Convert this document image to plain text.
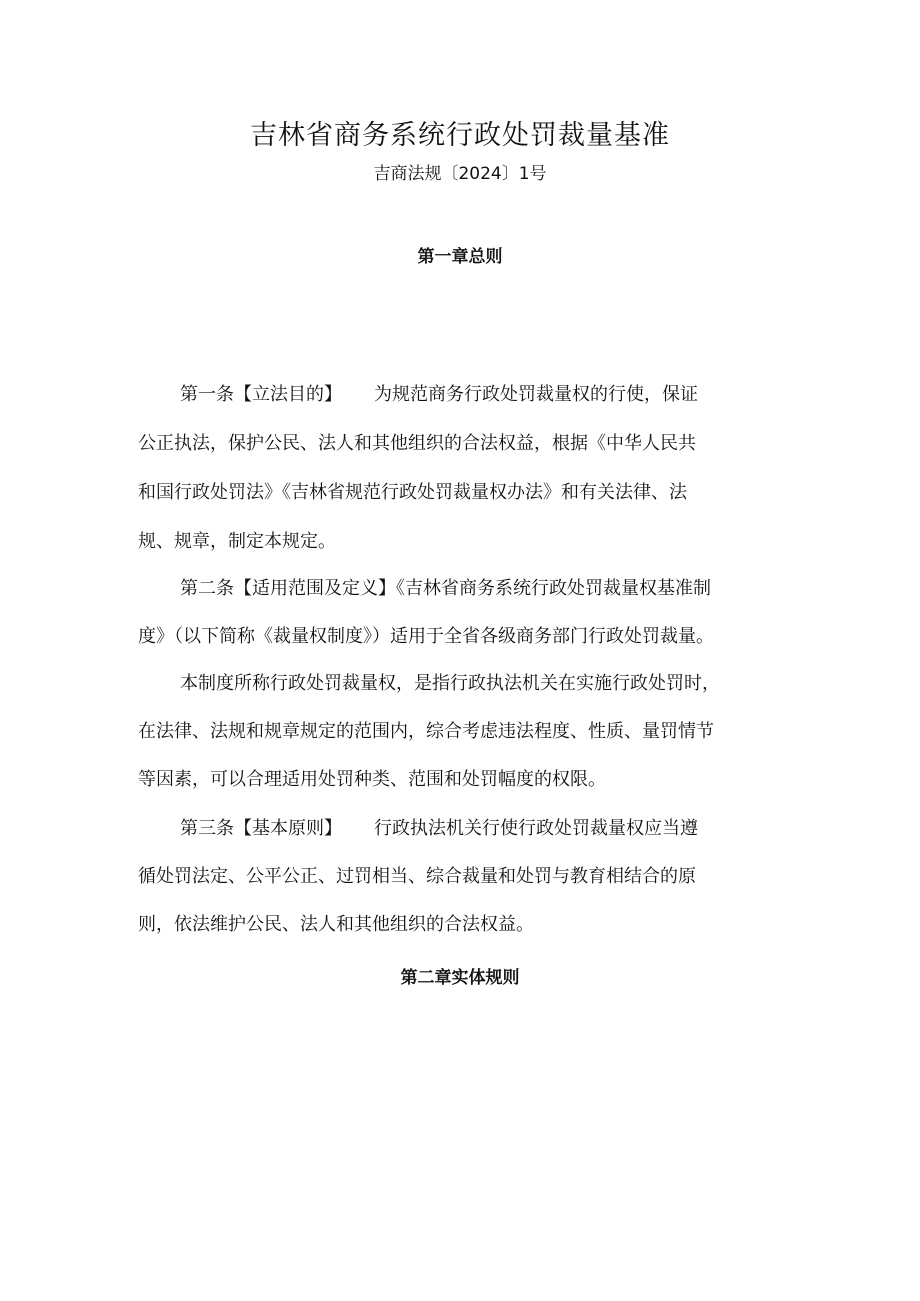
吉林省商务系统行政处罚裁量基准
吉商法规〔2024〕1号
第一章总则
第一条【立法目的】 为规范商务行政处罚裁量权的行使，保证
公正执法，保护公民、法人和其他组织的合法权益，根据《中华人民共
和国行政处罚法》《吉林省规范行政处罚裁量权办法》和有关法律、法
规、规章，制定本规定。
第二条【适用范围及定义】《吉林省商务系统行政处罚裁量权基准制
度》（以下简称《裁量权制度》）适用于全省各级商务部门行政处罚裁量。
本制度所称行政处罚裁量权，是指行政执法机关在实施行政处罚时，
在法律、法规和规章规定的范围内，综合考虑违法程度、性质、量罚情节
等因素，可以合理适用处罚种类、范围和处罚幅度的权限。
第三条【基本原则】 行政执法机关行使行政处罚裁量权应当遵
循处罚法定、公平公正、过罚相当、综合裁量和处罚与教育相结合的原
则，依法维护公民、法人和其他组织的合法权益。
第二章实体规则
